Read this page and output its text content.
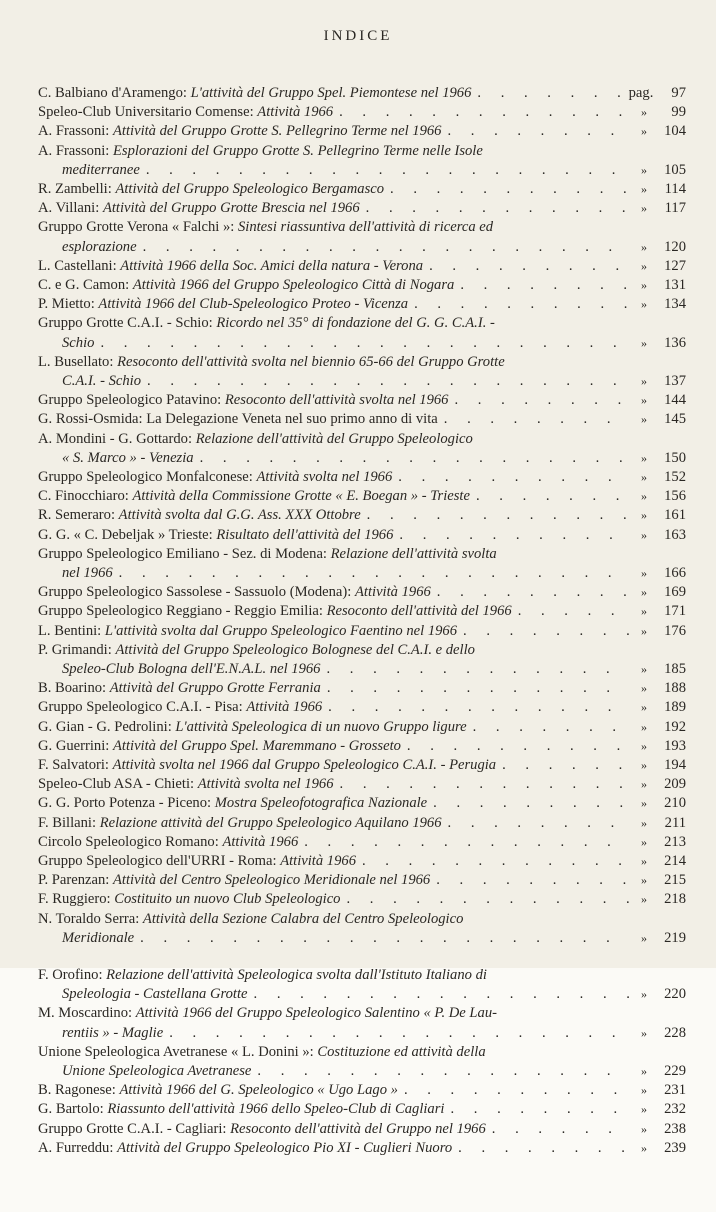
INDICE
C. Balbiano d'Aramengo: L'attività del Gruppo Spel. Piemontese nel 1966 . . .	pag.	97
Speleo-Club Universitario Comense: Attività 1966 . . .	»	99
A. Frassoni: Attività del Gruppo Grotte S. Pellegrino Terme nel 1966 . . .	»	104
A. Frassoni: Esplorazioni del Gruppo Grotte S. Pellegrino Terme nelle Isole
mediterranee . . .	»	105
R. Zambelli: Attività del Gruppo Speleologico Bergamasco . . .	»	114
A. Villani: Attività del Gruppo Grotte Brescia nel 1966 . . .	»	117
Gruppo Grotte Verona « Falchi »: Sintesi riassuntiva dell'attività di ricerca ed
esplorazione . . .	»	120
L. Castellani: Attività 1966 della Soc. Amici della natura - Verona . . .	»	127
C. e G. Camon: Attività 1966 del Gruppo Speleologico Città di Nogara . . .	»	131
P. Mietto: Attività 1966 del Club-Speleologico Proteo - Vicenza . . .	»	134
Gruppo Grotte C.A.I. - Schio: Ricordo nel 35° di fondazione del G. G. C.A.I. -
Schio . . .	»	136
L. Busellato: Resoconto dell'attività svolta nel biennio 65-66 del Gruppo Grotte
C.A.I. - Schio . . .	»	137
Gruppo Speleologico Patavino: Resoconto dell'attività svolta nel 1966 . . .	»	144
G. Rossi-Osmida: La Delegazione Veneta nel suo primo anno di vita . . .	»	145
A. Mondini - G. Gottardo: Relazione dell'attività del Gruppo Speleologico
« S. Marco » - Venezia . . .	»	150
Gruppo Speleologico Monfalconese: Attività svolta nel 1966 . . .	»	152
C. Finocchiaro: Attività della Commissione Grotte « E. Boegan » - Trieste . . .	»	156
R. Semeraro: Attività svolta dal G.G. Ass. XXX Ottobre . . .	»	161
G. G. « C. Debeljak » Trieste: Risultato dell'attività del 1966 . . .	»	163
Gruppo Speleologico Emiliano - Sez. di Modena: Relazione dell'attività svolta
nel 1966 . . .	»	166
Gruppo Speleologico Sassolese - Sassuolo (Modena): Attività 1966 . . .	»	169
Gruppo Speleologico Reggiano - Reggio Emilia: Resoconto dell'attività del 1966 . . .	»	171
L. Bentini: L'attività svolta dal Gruppo Speleologico Faentino nel 1966 . . .	»	176
P. Grimandi: Attività del Gruppo Speleologico Bolognese del C.A.I. e dello
Speleo-Club Bologna dell'E.N.A.L. nel 1966 . . .	»	185
B. Boarino: Attività del Gruppo Grotte Ferrania . . .	»	188
Gruppo Speleologico C.A.I. - Pisa: Attività 1966 . . .	»	189
G. Gian - G. Pedrolini: L'attività Speleologica di un nuovo Gruppo ligure . . .	»	192
G. Guerrini: Attività del Gruppo Spel. Maremmano - Grosseto . . .	»	193
F. Salvatori: Attività svolta nel 1966 dal Gruppo Speleologico C.A.I. - Perugia . . .	»	194
Speleo-Club ASA - Chieti: Attività svolta nel 1966 . . .	»	209
G. G. Porto Potenza - Piceno: Mostra Speleofotografica Nazionale . . .	»	210
F. Billani: Relazione attività del Gruppo Speleologico Aquilano 1966 . . .	»	211
Circolo Speleologico Romano: Attività 1966 . . .	»	213
Gruppo Speleologico dell'URRI - Roma: Attività 1966 . . .	»	214
P. Parenzan: Attività del Centro Speleologico Meridionale nel 1966 . . .	»	215
F. Ruggiero: Costituito un nuovo Club Speleologico . . .	»	218
N. Toraldo Serra: Attività della Sezione Calabra del Centro Speleologico
Meridionale . . .	»	219
F. Orofino: Relazione dell'attività Speleologica svolta dall'Istituto Italiano di
Speleologia - Castellana Grotte . . .	»	220
M. Moscardino: Attività 1966 del Gruppo Speleologico Salentino « P. De Lau-
rentiis » - Maglie . . .	»	228
Unione Speleologica Avetranese « L. Donini »: Costituzione ed attività della
Unione Speleologica Avetranese . . .	»	229
B. Ragonese: Attività 1966 del G. Speleologico « Ugo Lago » . . .	»	231
G. Bartolo: Riassunto dell'attività 1966 dello Speleo-Club di Cagliari . . .	»	232
Gruppo Grotte C.A.I. - Cagliari: Resoconto dell'attività del Gruppo nel 1966 . . .	»	238
A. Furreddu: Attività del Gruppo Speleologico Pio XI - Cuglieri Nuoro . . .	»	239
